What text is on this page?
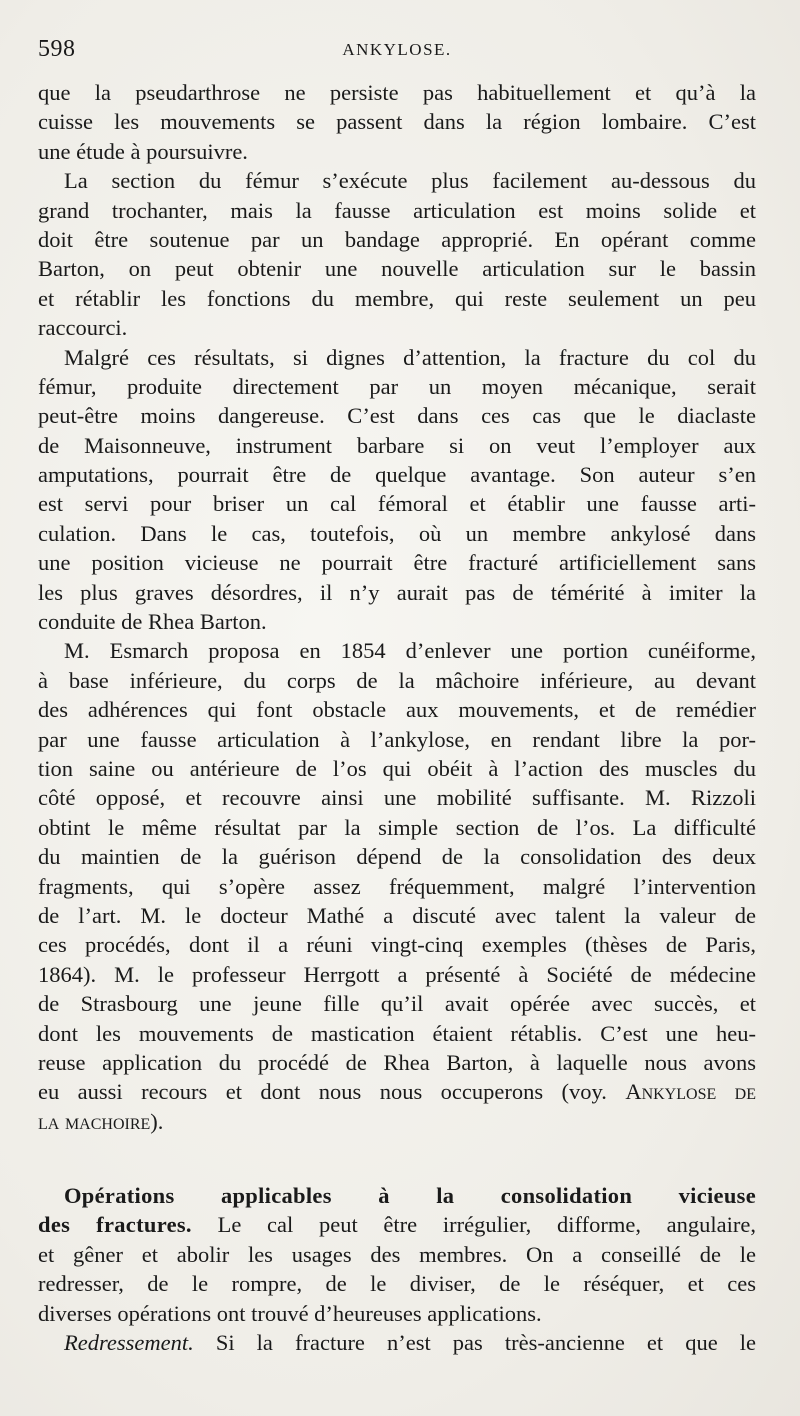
598	ANKYLOSE.
que la pseudarthrose ne persiste pas habituellement et qu’à la
cuisse les mouvements se passent dans la région lombaire. C’est
une étude à poursuivre.
La section du fémur s’exécute plus facilement au-dessous du
grand trochanter, mais la fausse articulation est moins solide et
doit être soutenue par un bandage approprié. En opérant comme
Barton, on peut obtenir une nouvelle articulation sur le bassin
et rétablir les fonctions du membre, qui reste seulement un peu
raccourci.
Malgré ces résultats, si dignes d’attention, la fracture du col du
fémur, produite directement par un moyen mécanique, serait
peut-être moins dangereuse. C’est dans ces cas que le diaclaste
de Maisonneuve, instrument barbare si on veut l’employer aux
amputations, pourrait être de quelque avantage. Son auteur s’en
est servi pour briser un cal fémoral et établir une fausse arti-
culation. Dans le cas, toutefois, où un membre ankylosé dans
une position vicieuse ne pourrait être fracturé artificiellement sans
les plus graves désordres, il n’y aurait pas de témérité à imiter la
conduite de Rhea Barton.
M. Esmarch proposa en 1854 d’enlever une portion cunéiforme,
à base inférieure, du corps de la mâchoire inférieure, au devant
des adhérences qui font obstacle aux mouvements, et de remédier
par une fausse articulation à l’ankylose, en rendant libre la por-
tion saine ou antérieure de l’os qui obéit à l’action des muscles du
côté opposé, et recouvre ainsi une mobilité suffisante. M. Rizzoli
obtint le même résultat par la simple section de l’os. La difficulté
du maintien de la guérison dépend de la consolidation des deux
fragments, qui s’opère assez fréquemment, malgré l’intervention
de l’art. M. le docteur Mathé a discuté avec talent la valeur de
ces procédés, dont il a réuni vingt-cinq exemples (thèses de Paris,
1864). M. le professeur Herrgott a présenté à Société de médecine
de Strasbourg une jeune fille qu’il avait opérée avec succès, et
dont les mouvements de mastication étaient rétablis. C’est une heu-
reuse application du procédé de Rhea Barton, à laquelle nous avons
eu aussi recours et dont nous nous occuperons (voy. Ankylose de
la machoire).
Opérations applicables à la consolidation vicieuse
des fractures. Le cal peut être irrégulier, difforme, angulaire,
et gêner et abolir les usages des membres. On a conseillé de le
redresser, de le rompre, de le diviser, de le réséquer, et ces
diverses opérations ont trouvé d’heureuses applications.
Redressement. Si la fracture n’est pas très-ancienne et que le
